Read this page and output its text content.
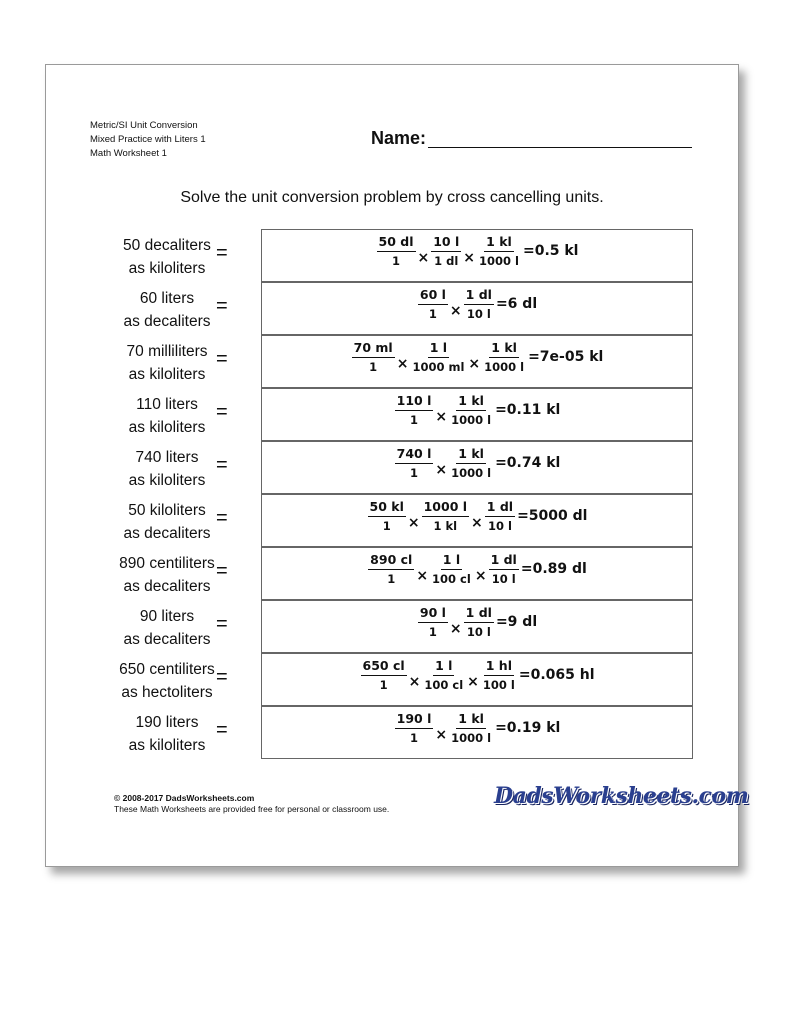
Metric/SI Unit Conversion
Mixed Practice with Liters 1
Math Worksheet 1
Name:
Solve the unit conversion problem by cross cancelling units.
50 decaliters
as kiloliters
=	$\frac{50 dl}{1} \times \frac{10 l}{1 dl} \times \frac{1 kl}{1000 l} =0.5$ kl
60 liters
as decaliters
=	$\frac{60 l}{1} \times \frac{1 dl}{10 l} =6$ dl
70 milliliters
as kiloliters
=	$\frac{70 ml}{1} \times \frac{1 l}{1000 ml} \times \frac{1 kl}{1000 l} =7e-05$ kl
110 liters
as kiloliters
=	$\frac{110 l}{1} \times \frac{1 kl}{1000 l} =0.11$ kl
740 liters
as kiloliters
=	$\frac{740 l}{1} \times \frac{1 kl}{1000 l} =0.74$ kl
50 kiloliters
as decaliters
=	$\frac{50 kl}{1} \times \frac{1000 l}{1 kl} \times \frac{1 dl}{10 l} =5000$ dl
890 centiliters
as decaliters
=	$\frac{890 cl}{1} \times \frac{1 l}{100 cl} \times \frac{1 dl}{10 l} =0.89$ dl
90 liters
as decaliters
=	$\frac{90 l}{1} \times \frac{1 dl}{10 l} =9$ dl
650 centiliters
as hectoliters
=	$\frac{650 cl}{1} \times \frac{1 l}{100 cl} \times \frac{1 hl}{100 l} =0.065$ hl
190 liters
as kiloliters
=	$\frac{190 l}{1} \times \frac{1 kl}{1000 l} =0.19$ kl
© 2008-2017 DadsWorksheets.com
These Math Worksheets are provided free for personal or classroom use.	DadsWorksheets.com
